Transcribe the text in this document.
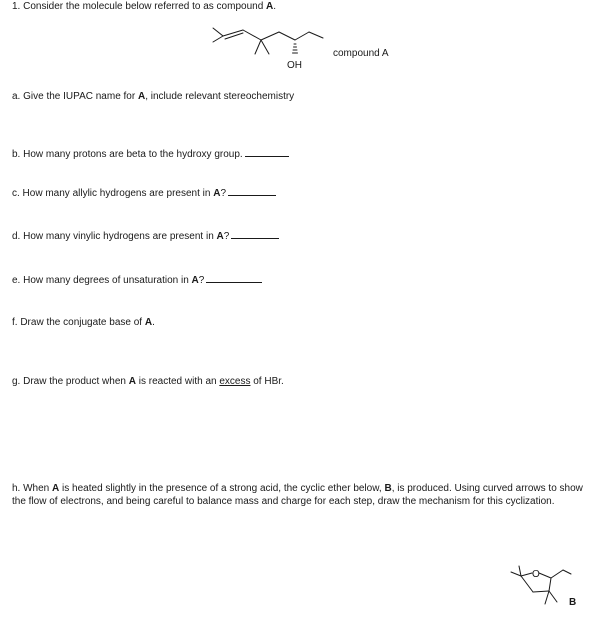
1. Consider the molecule below referred to as compound A.
OH
compound A
a. Give the IUPAC name for A, include relevant stereochemistry
b. How many protons are beta to the hydroxy group.
c. How many allylic hydrogens are present in A?
d. How many vinylic hydrogens are present in A?
e. How many degrees of unsaturation in A?
f. Draw the conjugate base of A.
g. Draw the product when A is reacted with an excess of HBr.
h. When A is heated slightly in the presence of a strong acid, the cyclic ether below, B, is produced. Using curved arrows to show the flow of electrons, and being careful to balance mass and charge for each step, draw the mechanism for this cyclization.
O
B
